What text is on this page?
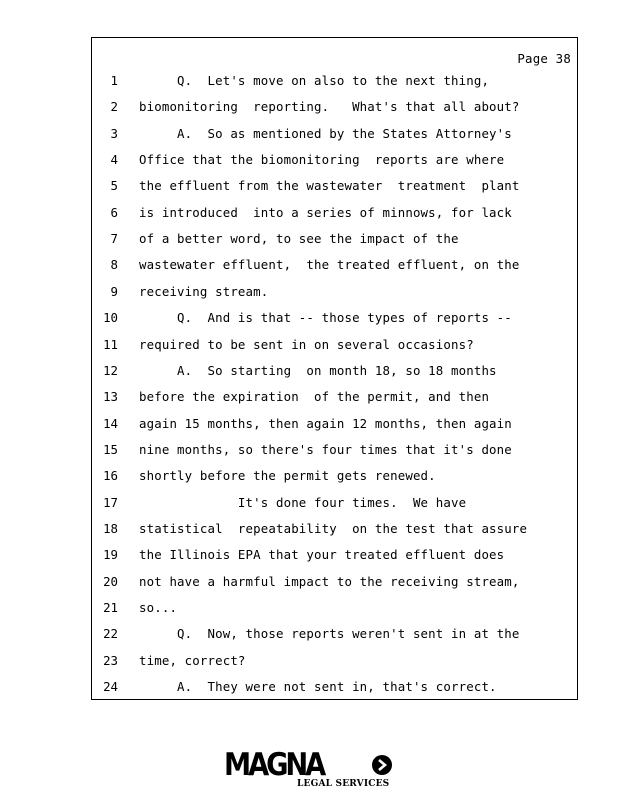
Page 38
1 Q.  Let's move on also to the next thing,
2 biomonitoring  reporting.   What's that all about?
3 A.  So as mentioned by the States Attorney's
4 Office that the biomonitoring  reports are where
5 the effluent from the wastewater  treatment  plant
6 is introduced  into a series of minnows, for lack
7 of a better word, to see the impact of the
8 wastewater effluent,  the treated effluent, on the
9 receiving stream.
10 Q.  And is that -- those types of reports --
11 required to be sent in on several occasions?
12 A.  So starting  on month 18, so 18 months
13 before the expiration  of the permit, and then
14 again 15 months, then again 12 months, then again
15 nine months, so there's four times that it's done
16 shortly before the permit gets renewed.
17 It's done four times.  We have
18 statistical  repeatability  on the test that assure
19 the Illinois EPA that your treated effluent does
20 not have a harmful impact to the receiving stream,
21 so...
22 Q.  Now, those reports weren't sent in at the
23 time, correct?
24 A.  They were not sent in, that's correct.
MAGNA
LEGAL SERVICES
